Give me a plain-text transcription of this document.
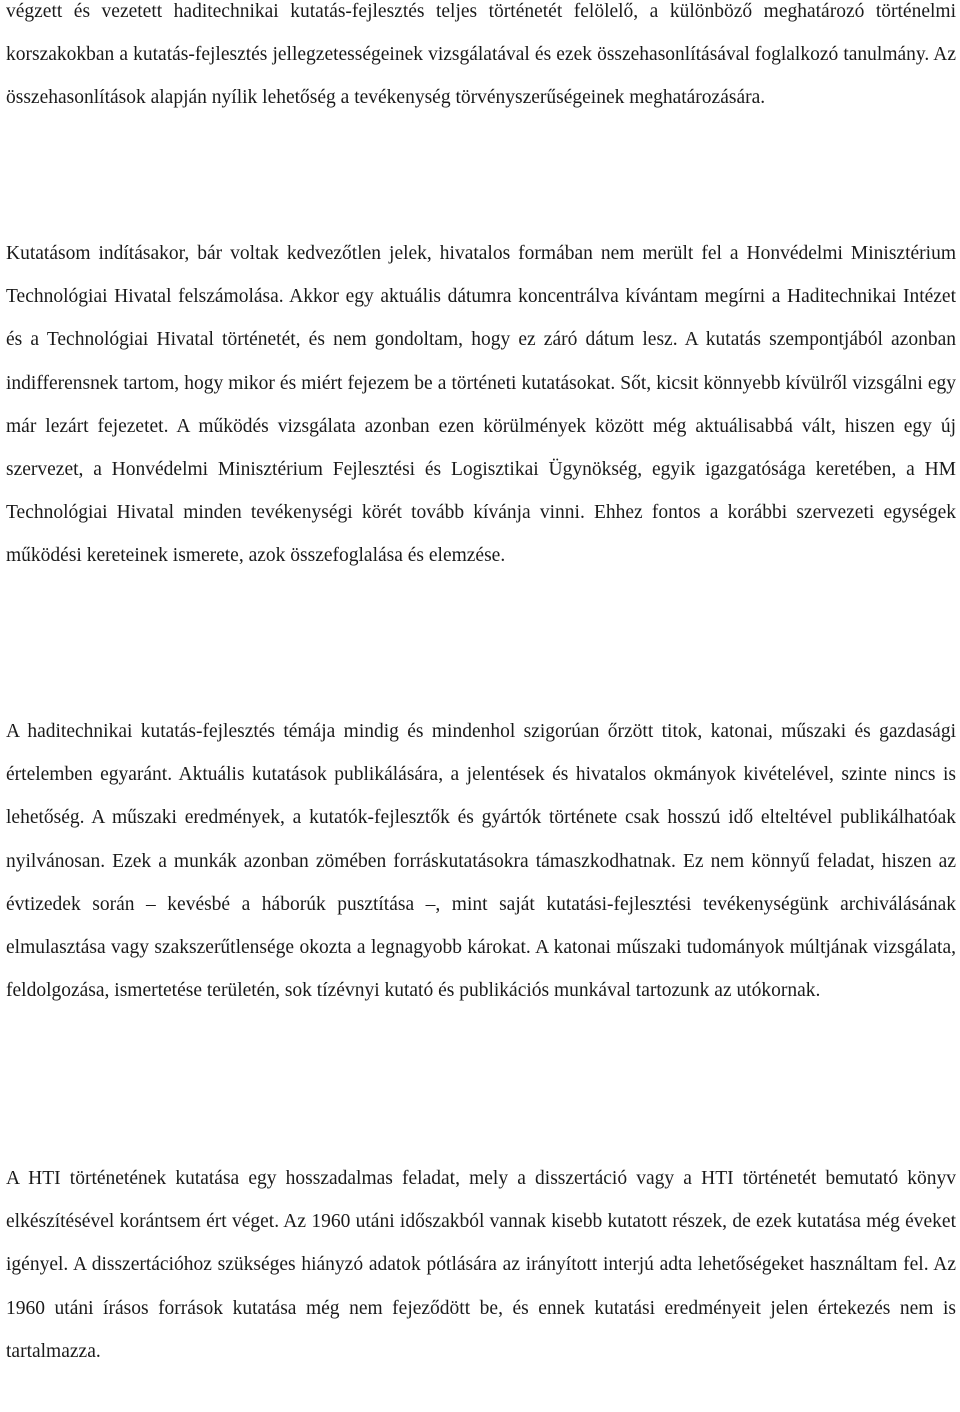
végzett és vezetett haditechnikai kutatás-fejlesztés teljes történetét felölelő, a különböző meghatározó történelmi korszakokban a kutatás-fejlesztés jellegzetességeinek vizsgálatával és ezek összehasonlításával foglalkozó tanulmány. Az összehasonlítások alapján nyílik lehetőség a tevékenység törvényszerűségeinek meghatározására.

Kutatásom indításakor, bár voltak kedvezőtlen jelek, hivatalos formában nem merült fel a Honvédelmi Minisztérium Technológiai Hivatal felszámolása. Akkor egy aktuális dátumra koncentrálva kívántam megírni a Haditechnikai Intézet és a Technológiai Hivatal történetét, és nem gondoltam, hogy ez záró dátum lesz. A kutatás szempontjából azonban indifferensnek tartom, hogy mikor és miért fejezem be a történeti kutatásokat. Sőt, kicsit könnyebb kívülről vizsgálni egy már lezárt fejezetet. A működés vizsgálata azonban ezen körülmények között még aktuálisabbá vált, hiszen egy új szervezet, a Honvédelmi Minisztérium Fejlesztési és Logisztikai Ügynökség, egyik igazgatósága keretében, a HM Technológiai Hivatal minden tevékenységi körét tovább kívánja vinni. Ehhez fontos a korábbi szervezeti egységek működési kereteinek ismerete, azok összefoglalása és elemzése.

A haditechnikai kutatás-fejlesztés témája mindig és mindenhol szigorúan őrzött titok, katonai, műszaki és gazdasági értelemben egyaránt. Aktuális kutatások publikálására, a jelentések és hivatalos okmányok kivételével, szinte nincs is lehetőség. A műszaki eredmények, a kutatók-fejlesztők és gyártók története csak hosszú idő elteltével publikálhatóak nyilvánosan. Ezek a munkák azonban zömében forráskutatásokra támaszkodhatnak. Ez nem könnyű feladat, hiszen az évtizedek során – kevésbé a háborúk pusztítása –, mint saját kutatási-fejlesztési tevékenységünk archiválásának elmulasztása vagy szakszerűtlensége okozta a legnagyobb károkat. A katonai műszaki tudományok múltjának vizsgálata, feldolgozása, ismertetése területén, sok tízévnyi kutató és publikációs munkával tartozunk az utókornak.

A HTI történetének kutatása egy hosszadalmas feladat, mely a disszertáció vagy a HTI történetét bemutató könyv elkészítésével korántsem ért véget. Az 1960 utáni időszakból vannak kisebb kutatott részek, de ezek kutatása még éveket igényel. A disszertációhoz szükséges hiányzó adatok pótlására az irányított interjú adta lehetőségeket használtam fel. Az 1960 utáni írásos források kutatása még nem fejeződött be, és ennek kutatási eredményeit jelen értekezés nem is tartalmazza.
